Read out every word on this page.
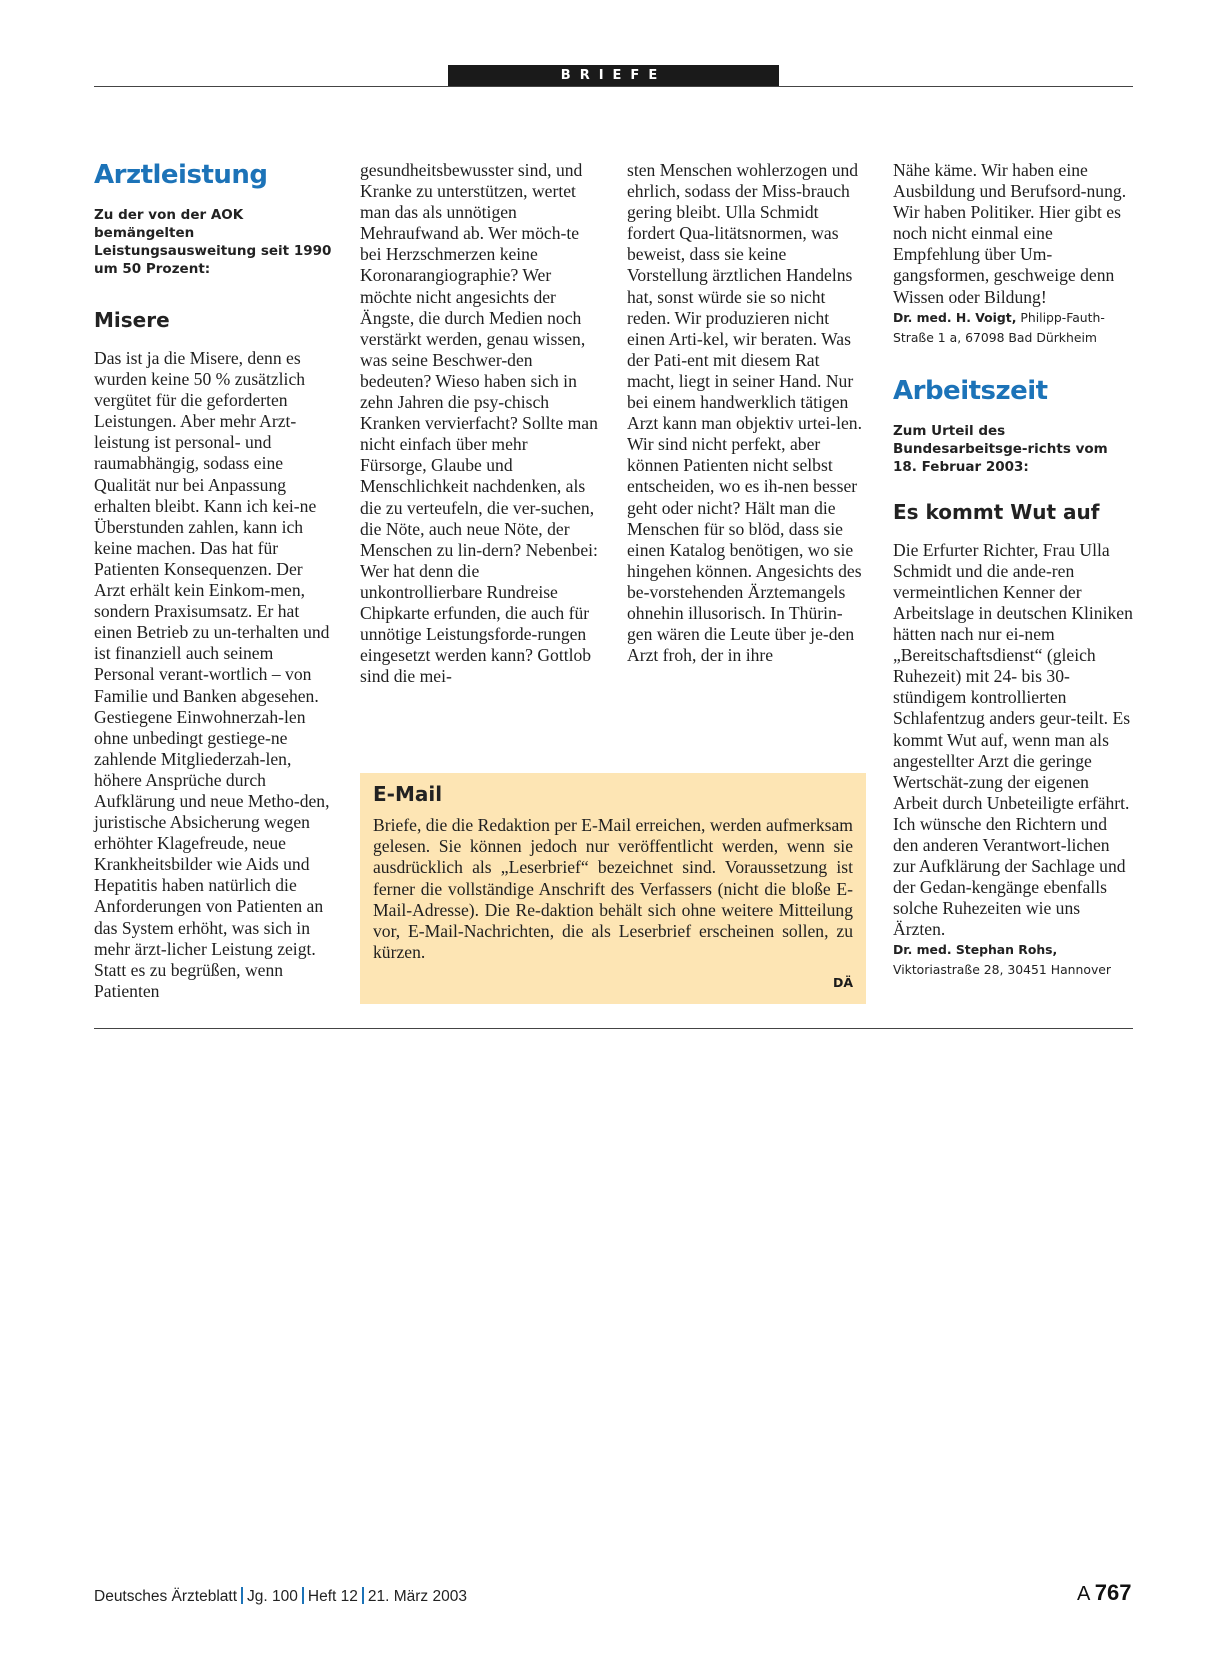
BRIEFE
Arztleistung

Zu der von der AOK bemängelten Leistungsausweitung seit 1990 um 50 Prozent:

Misere

Das ist ja die Misere, denn es wurden keine 50 % zusätzlich vergütet für die geforderten Leistungen. Aber mehr Arzt-leistung ist personal- und raumabhängig, sodass eine Qualität nur bei Anpassung erhalten bleibt. Kann ich kei-ne Überstunden zahlen, kann ich keine machen. Das hat für Patienten Konsequenzen. Der Arzt erhält kein Einkom-men, sondern Praxisumsatz. Er hat einen Betrieb zu un-terhalten und ist finanziell auch seinem Personal verant-wortlich – von Familie und Banken abgesehen. Gestiegene Einwohnerzah-len ohne unbedingt gestiege-ne zahlende Mitgliederzah-len, höhere Ansprüche durch Aufklärung und neue Metho-den, juristische Absicherung wegen erhöhter Klagefreude, neue Krankheitsbilder wie Aids und Hepatitis haben natürlich die Anforderungen von Patienten an das System erhöht, was sich in mehr ärzt-licher Leistung zeigt. Statt es zu begrüßen, wenn Patienten

gesundheitsbewusster sind, und Kranke zu unterstützen, wertet man das als unnötigen Mehraufwand ab. Wer möch-te bei Herzschmerzen keine Koronarangiographie? Wer möchte nicht angesichts der Ängste, die durch Medien noch verstärkt werden, genau wissen, was seine Beschwer-den bedeuten? Wieso haben sich in zehn Jahren die psy-chisch Kranken vervierfacht? Sollte man nicht einfach über mehr Fürsorge, Glaube und Menschlichkeit nachdenken, als die zu verteufeln, die ver-suchen, die Nöte, auch neue Nöte, der Menschen zu lin-dern? Nebenbei: Wer hat denn die unkontrollierbare Rundreise Chipkarte erfunden, die auch für unnötige Leistungsforde-rungen eingesetzt werden kann? Gottlob sind die mei-

sten Menschen wohlerzogen und ehrlich, sodass der Miss-brauch gering bleibt. Ulla Schmidt fordert Qua-litätsnormen, was beweist, dass sie keine Vorstellung ärztlichen Handelns hat, sonst würde sie so nicht reden. Wir produzieren nicht einen Arti-kel, wir beraten. Was der Pati-ent mit diesem Rat macht, liegt in seiner Hand. Nur bei einem handwerklich tätigen Arzt kann man objektiv urtei-len. Wir sind nicht perfekt, aber können Patienten nicht selbst entscheiden, wo es ih-nen besser geht oder nicht? Hält man die Menschen für so blöd, dass sie einen Katalog benötigen, wo sie hingehen können. Angesichts des be-vorstehenden Ärztemangels ohnehin illusorisch. In Thürin-gen wären die Leute über je-den Arzt froh, der in ihre

Nähe käme. Wir haben eine Ausbildung und Berufsord-nung. Wir haben Politiker. Hier gibt es noch nicht einmal eine Empfehlung über Um-gangsformen, geschweige denn Wissen oder Bildung!

Dr. med. H. Voigt, Philipp-Fauth-Straße 1 a, 67098 Bad Dürkheim
Arbeitszeit

Zum Urteil des Bundesarbeitsge-richts vom 18. Februar 2003:

Es kommt Wut auf

Die Erfurter Richter, Frau Ulla Schmidt und die ande-ren vermeintlichen Kenner der Arbeitslage in deutschen Kliniken hätten nach nur ei-nem „Bereitschaftsdienst“ (gleich Ruhezeit) mit 24- bis 30-stündigem kontrollierten Schlafentzug anders geur-teilt. Es kommt Wut auf, wenn man als angestellter Arzt die geringe Wertschät-zung der eigenen Arbeit durch Unbeteiligte erfährt. Ich wünsche den Richtern und den anderen Verantwort-lichen zur Aufklärung der Sachlage und der Gedan-kengänge ebenfalls solche Ruhezeiten wie uns Ärzten.

Dr. med. Stephan Rohs,
Viktoriastraße 28, 30451 Hannover
E-Mail

Briefe, die die Redaktion per E-Mail erreichen, werden aufmerksam gelesen. Sie können jedoch nur veröffentlicht werden, wenn sie ausdrücklich als „Leserbrief“ bezeichnet sind. Voraussetzung ist ferner die vollständige Anschrift des Verfassers (nicht die bloße E-Mail-Adresse). Die Re-daktion behält sich ohne weitere Mitteilung vor, E-Mail-Nachrichten, die als Leserbrief erscheinen sollen, zu kürzen.

DÄ
Deutsches Ärzteblatt Jg. 100 Heft 12 21. März 2003	A 767
